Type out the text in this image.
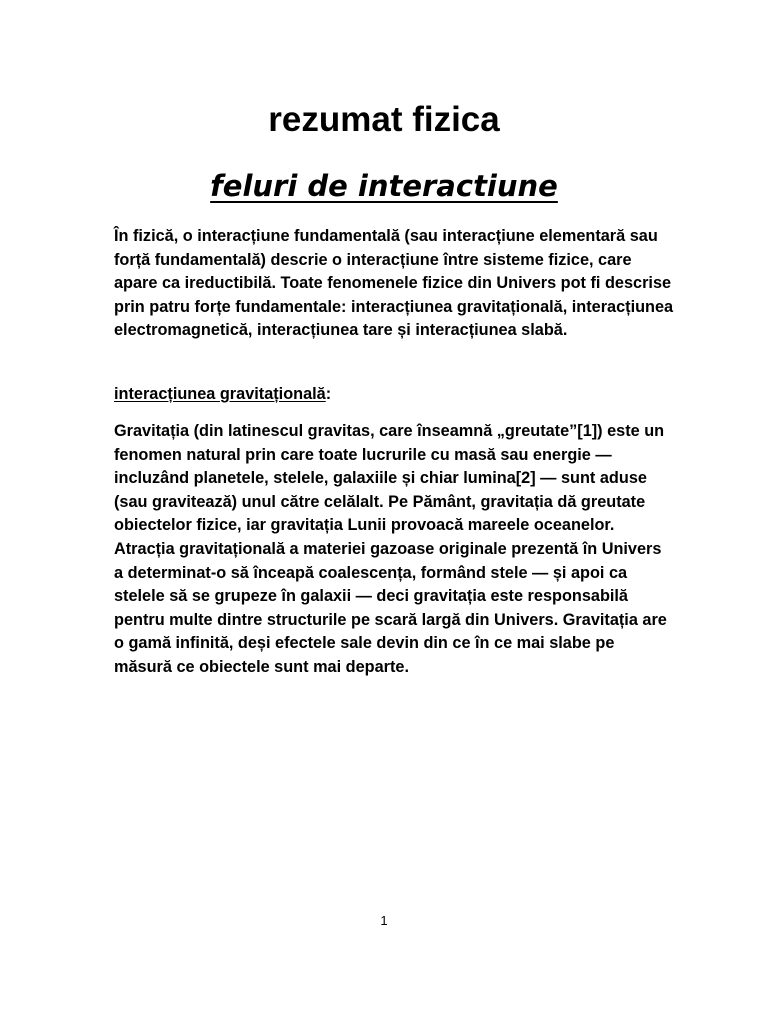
rezumat fizica
feluri de interactiune

În fizică, o interacțiune fundamentală (sau interacțiune elementară sau forță fundamentală) descrie o interacțiune între sisteme fizice, care apare ca ireductibilă. Toate fenomenele fizice din Univers pot fi descrise prin patru forțe fundamentale: interacțiunea gravitațională, interacțiunea electromagnetică, interacțiunea tare și interacțiunea slabă.

interacțiunea gravitațională:

Gravitația (din latinescul gravitas, care înseamnă „greutate”[1]) este un fenomen natural prin care toate lucrurile cu masă sau energie — incluzând planetele, stelele, galaxiile și chiar lumina[2] — sunt aduse (sau gravitează) unul către celălalt. Pe Pământ, gravitația dă greutate obiectelor fizice, iar gravitația Lunii provoacă mareele oceanelor. Atracția gravitațională a materiei gazoase originale prezentă în Univers a determinat-o să înceapă coalescența, formând stele — și apoi ca stelele să se grupeze în galaxii — deci gravitația este responsabilă pentru multe dintre structurile pe scară largă din Univers. Gravitația are o gamă infinită, deși efectele sale devin din ce în ce mai slabe pe măsură ce obiectele sunt mai departe.

1
